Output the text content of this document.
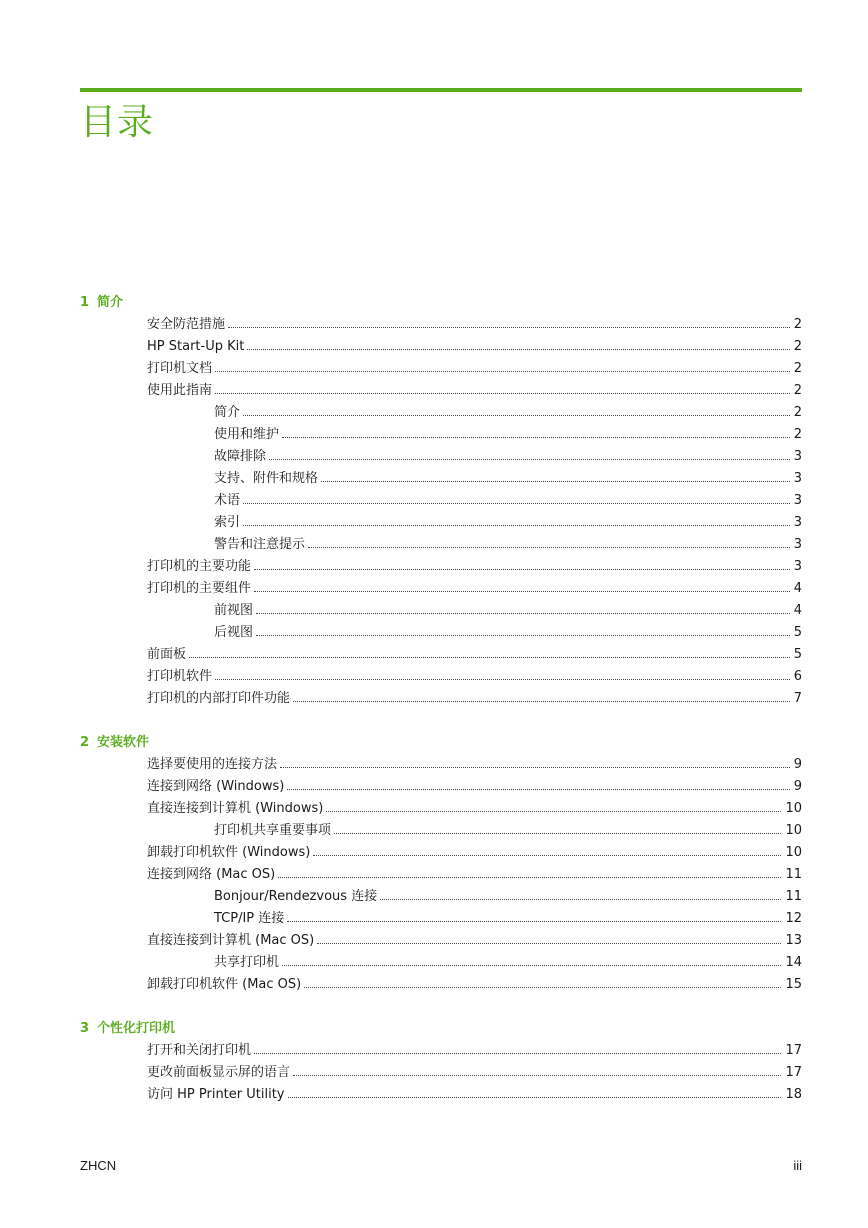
目录
1 简介
安全防范措施	2
HP Start-Up Kit	2
打印机文档	2
使用此指南	2
简介	2
使用和维护	2
故障排除	3
支持、附件和规格	3
术语	3
索引	3
警告和注意提示	3
打印机的主要功能	3
打印机的主要组件	4
前视图	4
后视图	5
前面板	5
打印机软件	6
打印机的内部打印件功能	7
2 安装软件
选择要使用的连接方法	9
连接到网络 (Windows)	9
直接连接到计算机 (Windows)	10
打印机共享重要事项	10
卸载打印机软件 (Windows)	10
连接到网络 (Mac OS)	11
Bonjour/Rendezvous 连接	11
TCP/IP 连接	12
直接连接到计算机 (Mac OS)	13
共享打印机	14
卸载打印机软件 (Mac OS)	15
3 个性化打印机
打开和关闭打印机	17
更改前面板显示屏的语言	17
访问 HP Printer Utility	18
ZHCN	iii
